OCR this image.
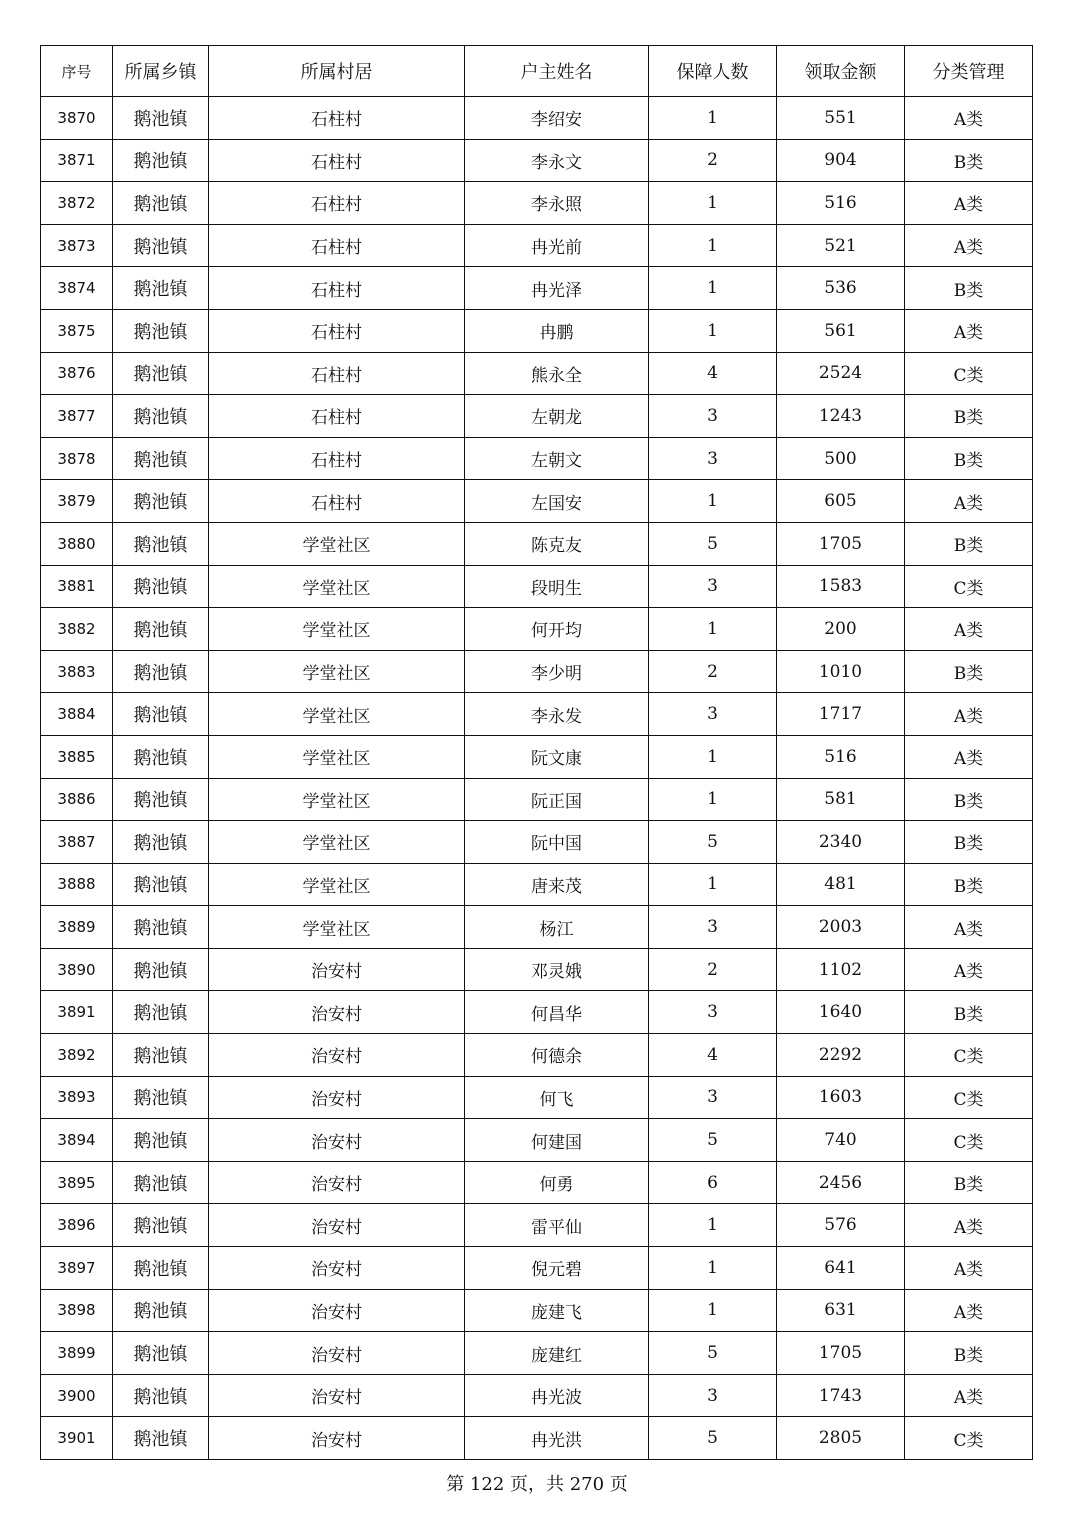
序号	所属乡镇	所属村居	户主姓名	保障人数	领取金额	分类管理
3870	鹅池镇	石柱村	李绍安	1	551	A类
3871	鹅池镇	石柱村	李永文	2	904	B类
3872	鹅池镇	石柱村	李永照	1	516	A类
3873	鹅池镇	石柱村	冉光前	1	521	A类
3874	鹅池镇	石柱村	冉光泽	1	536	B类
3875	鹅池镇	石柱村	冉鹏	1	561	A类
3876	鹅池镇	石柱村	熊永全	4	2524	C类
3877	鹅池镇	石柱村	左朝龙	3	1243	B类
3878	鹅池镇	石柱村	左朝文	3	500	B类
3879	鹅池镇	石柱村	左国安	1	605	A类
3880	鹅池镇	学堂社区	陈克友	5	1705	B类
3881	鹅池镇	学堂社区	段明生	3	1583	C类
3882	鹅池镇	学堂社区	何开均	1	200	A类
3883	鹅池镇	学堂社区	李少明	2	1010	B类
3884	鹅池镇	学堂社区	李永发	3	1717	A类
3885	鹅池镇	学堂社区	阮文康	1	516	A类
3886	鹅池镇	学堂社区	阮正国	1	581	B类
3887	鹅池镇	学堂社区	阮中国	5	2340	B类
3888	鹅池镇	学堂社区	唐来茂	1	481	B类
3889	鹅池镇	学堂社区	杨江	3	2003	A类
3890	鹅池镇	治安村	邓灵娥	2	1102	A类
3891	鹅池镇	治安村	何昌华	3	1640	B类
3892	鹅池镇	治安村	何德余	4	2292	C类
3893	鹅池镇	治安村	何飞	3	1603	C类
3894	鹅池镇	治安村	何建国	5	740	C类
3895	鹅池镇	治安村	何勇	6	2456	B类
3896	鹅池镇	治安村	雷平仙	1	576	A类
3897	鹅池镇	治安村	倪元碧	1	641	A类
3898	鹅池镇	治安村	庞建飞	1	631	A类
3899	鹅池镇	治安村	庞建红	5	1705	B类
3900	鹅池镇	治安村	冉光波	3	1743	A类
3901	鹅池镇	治安村	冉光洪	5	2805	C类
第 122 页，共 270 页
